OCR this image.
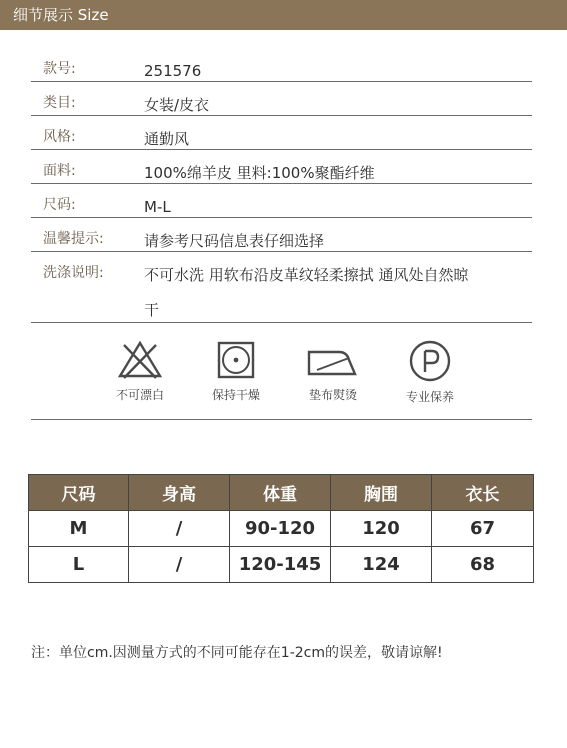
细节展示 Size
款号:	251576
类目:	女装/皮衣
风格:	通勤风
面料:	100%绵羊皮 里料:100%聚酯纤维
尺码:	M-L
温馨提示:	请参考尺码信息表仔细选择
洗涤说明:	不可水洗 用软布沿皮革纹轻柔擦拭 通风处自然晾
干
不可漂白	保持干燥	垫布熨烫	专业保养
尺码	身高	体重	胸围	衣长
M	/	90-120	120	67
L	/	120-145	124	68
注：单位cm.因测量方式的不同可能存在1-2cm的误差，敬请谅解!
